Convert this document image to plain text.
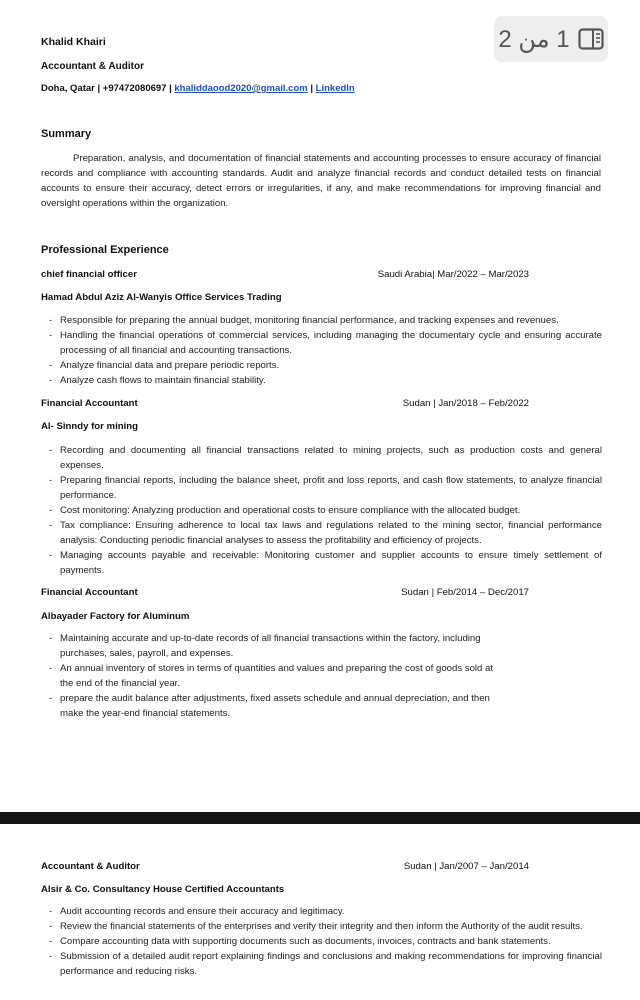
1 من 2
Khalid Khairi
Accountant & Auditor
Doha, Qatar | +97472080697 | khaliddaood2020@gmail.com | LinkedIn
Summary
Preparation, analysis, and documentation of financial statements and accounting processes to ensure accuracy of financial records and compliance with accounting standards. Audit and analyze financial records and conduct detailed tests on financial accounts to ensure their accuracy, detect errors or irregularities, if any, and make recommendations for improving financial and oversight operations within the organization.
Professional Experience
chief financial officer	Saudi Arabia| Mar/2022 – Mar/2023
Hamad Abdul Aziz Al-Wanyis Office Services Trading
- Responsible for preparing the annual budget, monitoring financial performance, and tracking expenses and revenues.
- Handling the financial operations of commercial services, including managing the documentary cycle and ensuring accurate processing of all financial and accounting transactions.
- Analyze financial data and prepare periodic reports.
- Analyze cash flows to maintain financial stability.
Financial Accountant	Sudan | Jan/2018 – Feb/2022
Al- Sinndy for mining
- Recording and documenting all financial transactions related to mining projects, such as production costs and general expenses.
- Preparing financial reports, including the balance sheet, profit and loss reports, and cash flow statements, to analyze financial performance.
- Cost monitoring: Analyzing production and operational costs to ensure compliance with the allocated budget.
- Tax compliance: Ensuring adherence to local tax laws and regulations related to the mining sector, financial performance analysis: Conducting periodic financial analyses to assess the profitability and efficiency of projects.
- Managing accounts payable and receivable: Monitoring customer and supplier accounts to ensure timely settlement of payments.
Financial Accountant	Sudan | Feb/2014 – Dec/2017
Albayader Factory for Aluminum
- Maintaining accurate and up-to-date records of all financial transactions within the factory, including purchases, sales, payroll, and expenses.
- An annual inventory of stores in terms of quantities and values and preparing the cost of goods sold at the end of the financial year.
- prepare the audit balance after adjustments, fixed assets schedule and annual depreciation, and then make the year-end financial statements.
Accountant & Auditor	Sudan | Jan/2007 – Jan/2014
Alsir & Co. Consultancy House Certified Accountants
- Audit accounting records and ensure their accuracy and legitimacy.
- Review the financial statements of the enterprises and verify their integrity and then inform the Authority of the audit results.
- Compare accounting data with supporting documents such as documents, invoices, contracts and bank statements.
- Submission of a detailed audit report explaining findings and conclusions and making recommendations for improving financial performance and reducing risks.
